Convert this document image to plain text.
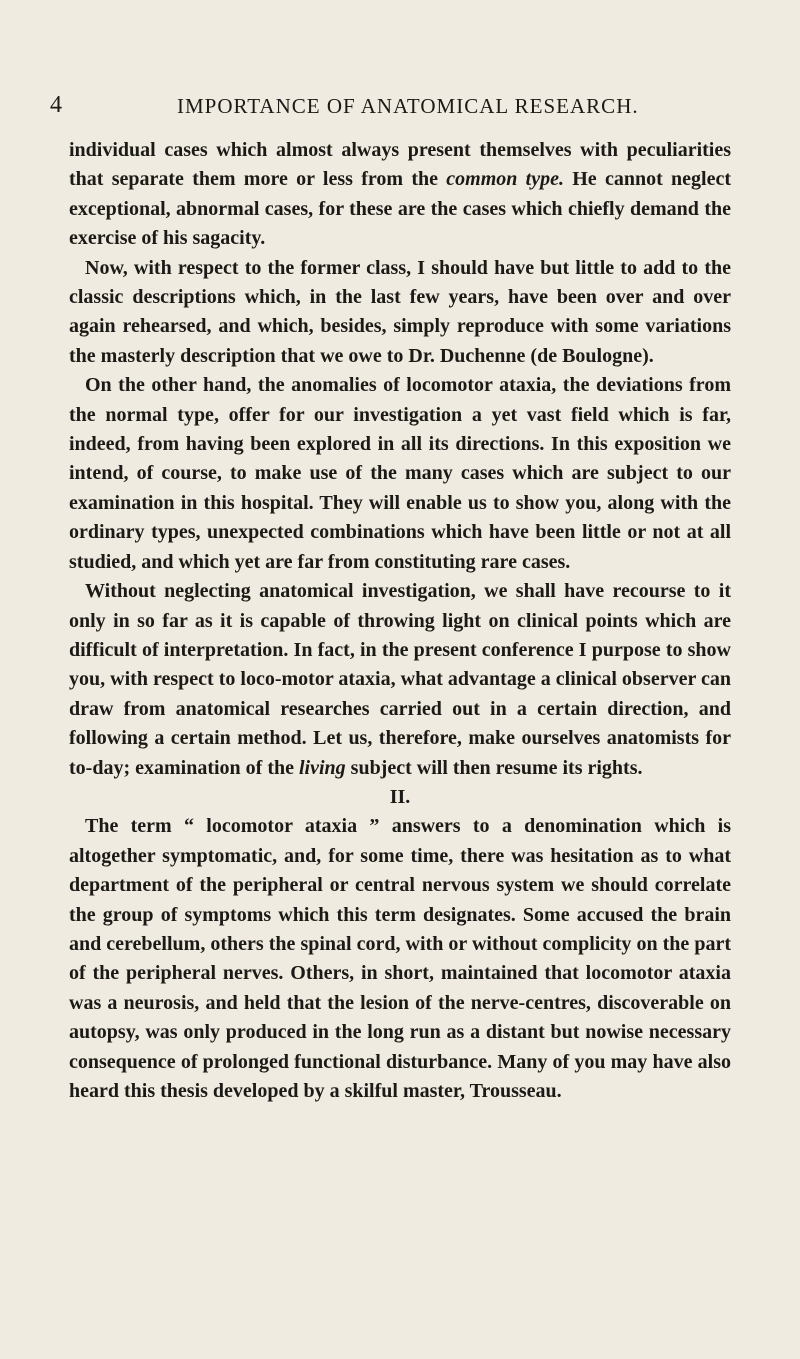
4	IMPORTANCE OF ANATOMICAL RESEARCH.

individual cases which almost always present themselves with peculiarities that separate them more or less from the common type. He cannot neglect exceptional, abnormal cases, for these are the cases which chiefly demand the exercise of his sagacity.

Now, with respect to the former class, I should have but little to add to the classic descriptions which, in the last few years, have been over and over again rehearsed, and which, besides, simply reproduce with some variations the masterly description that we owe to Dr. Duchenne (de Boulogne).

On the other hand, the anomalies of locomotor ataxia, the deviations from the normal type, offer for our investigation a yet vast field which is far, indeed, from having been explored in all its directions. In this exposition we intend, of course, to make use of the many cases which are subject to our examination in this hospital. They will enable us to show you, along with the ordinary types, unexpected combinations which have been little or not at all studied, and which yet are far from constituting rare cases.

Without neglecting anatomical investigation, we shall have recourse to it only in so far as it is capable of throwing light on clinical points which are difficult of interpretation. In fact, in the present conference I purpose to show you, with respect to loco-motor ataxia, what advantage a clinical observer can draw from anatomical researches carried out in a certain direction, and following a certain method. Let us, therefore, make ourselves anatomists for to-day; examination of the living subject will then resume its rights.

II.

The term “ locomotor ataxia ” answers to a denomination which is altogether symptomatic, and, for some time, there was hesitation as to what department of the peripheral or central nervous system we should correlate the group of symptoms which this term designates. Some accused the brain and cerebellum, others the spinal cord, with or without complicity on the part of the peripheral nerves. Others, in short, maintained that locomotor ataxia was a neurosis, and held that the lesion of the nerve-centres, discoverable on autopsy, was only produced in the long run as a distant but nowise necessary consequence of prolonged functional disturbance. Many of you may have also heard this thesis developed by a skilful master, Trousseau.
